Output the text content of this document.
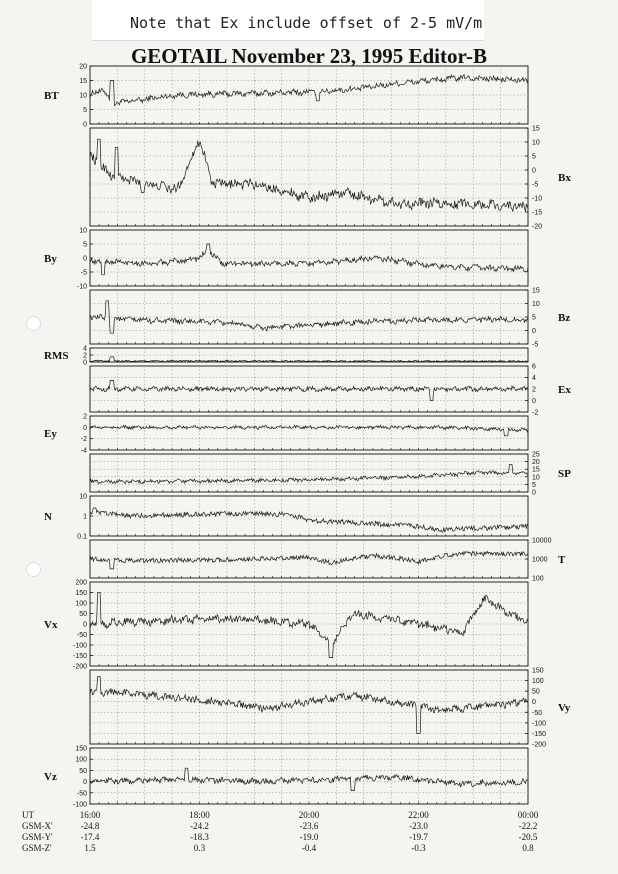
Note that Ex include offset of 2-5 mV/m
GEOTAIL November 23, 1995 Editor-B
20
15
10
5
0
BT
15
10
5
0
-5
-10
-15
-20
Bx
10
5
0
-5
-10
By
15
10
5
0
-5
Bz
4
2
0
RMS
6
4
2
0
-2
Ex
2
0
-2
-4
Ey
25
20
15
10
5
0
SP
10
1
0.1
N
10000
1000
100
T
200
150
100
50
0
-50
-100
-150
-200
Vx
150
100
50
0
-50
-100
-150
-200
Vy
150
100
50
0
-50
-100
Vz
UT
GSM-X'
GSM-Y'
GSM-Z'
16:00
-24.8
-17.4
1.5
18:00
-24.2
-18.3
0.3
20:00
-23.6
-19.0
-0.4
22:00
-23.0
-19.7
-0.3
00:00
-22.2
-20.5
0.8
